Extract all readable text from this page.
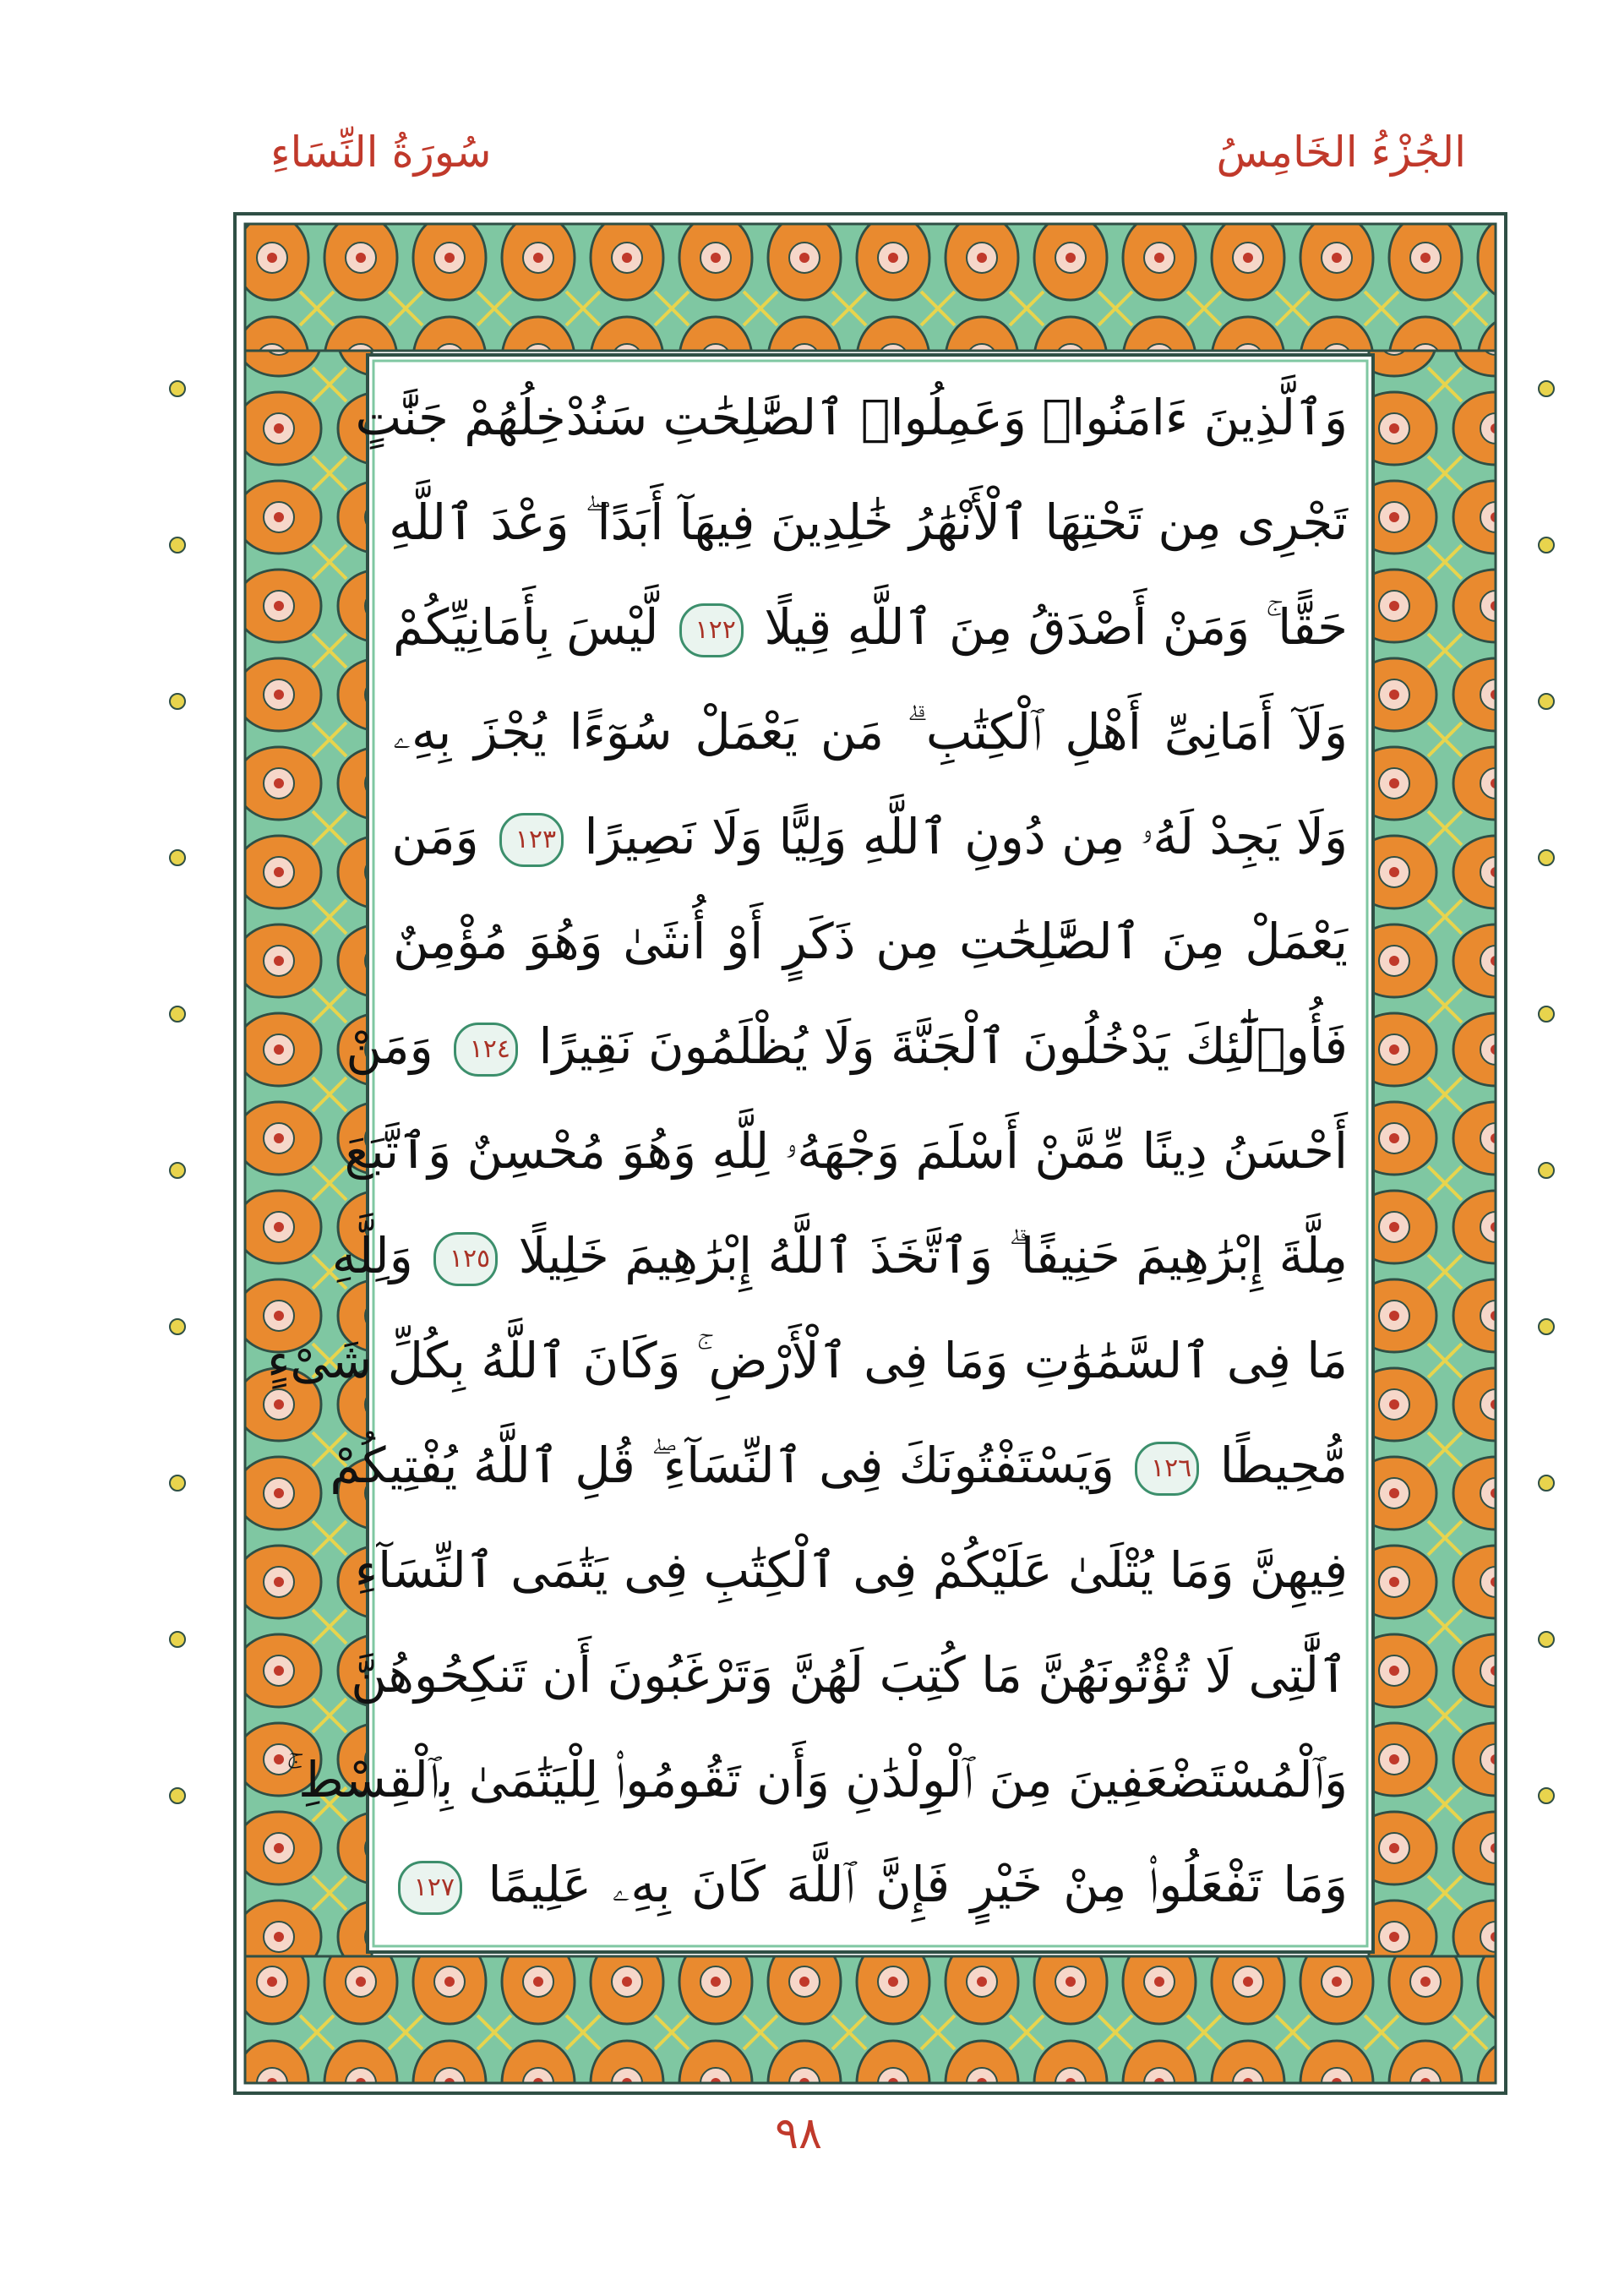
الجُزْءُ الخَامِسُ
سُورَةُ النِّسَاءِ
وَٱلَّذِينَ ءَامَنُوا۟ وَعَمِلُوا۟ ٱلصَّٰلِحَٰتِ سَنُدْخِلُهُمْ جَنَّٰتٍ
تَجْرِى مِن تَحْتِهَا ٱلْأَنْهَٰرُ خَٰلِدِينَ فِيهَآ أَبَدًا ۖ وَعْدَ ٱللَّهِ
حَقًّا ۚ وَمَنْ أَصْدَقُ مِنَ ٱللَّهِ قِيلًا ١٢٢ لَّيْسَ بِأَمَانِيِّكُمْ
وَلَآ أَمَانِىِّ أَهْلِ ٱلْكِتَٰبِ ۗ مَن يَعْمَلْ سُوٓءًا يُجْزَ بِهِۦ
وَلَا يَجِدْ لَهُۥ مِن دُونِ ٱللَّهِ وَلِيًّا وَلَا نَصِيرًا ١٢٣ وَمَن
يَعْمَلْ مِنَ ٱلصَّٰلِحَٰتِ مِن ذَكَرٍ أَوْ أُنثَىٰ وَهُوَ مُؤْمِنٌ
فَأُو۟لَٰٓئِكَ يَدْخُلُونَ ٱلْجَنَّةَ وَلَا يُظْلَمُونَ نَقِيرًا ١٢٤ وَمَنْ
أَحْسَنُ دِينًا مِّمَّنْ أَسْلَمَ وَجْهَهُۥ لِلَّهِ وَهُوَ مُحْسِنٌ وَٱتَّبَعَ
مِلَّةَ إِبْرَٰهِيمَ حَنِيفًا ۗ وَٱتَّخَذَ ٱللَّهُ إِبْرَٰهِيمَ خَلِيلًا ١٢٥ وَلِلَّهِ
مَا فِى ٱلسَّمَٰوَٰتِ وَمَا فِى ٱلْأَرْضِ ۚ وَكَانَ ٱللَّهُ بِكُلِّ شَىْءٍ
مُّحِيطًا ١٢٦ وَيَسْتَفْتُونَكَ فِى ٱلنِّسَآءِ ۖ قُلِ ٱللَّهُ يُفْتِيكُمْ
فِيهِنَّ وَمَا يُتْلَىٰ عَلَيْكُمْ فِى ٱلْكِتَٰبِ فِى يَتَٰمَى ٱلنِّسَآءِ
ٱلَّٰتِى لَا تُؤْتُونَهُنَّ مَا كُتِبَ لَهُنَّ وَتَرْغَبُونَ أَن تَنكِحُوهُنَّ
وَٱلْمُسْتَضْعَفِينَ مِنَ ٱلْوِلْدَٰنِ وَأَن تَقُومُوا۟ لِلْيَتَٰمَىٰ بِٱلْقِسْطِ ۚ
وَمَا تَفْعَلُوا۟ مِنْ خَيْرٍ فَإِنَّ ٱللَّهَ كَانَ بِهِۦ عَلِيمًا ١٢٧
٩٨
